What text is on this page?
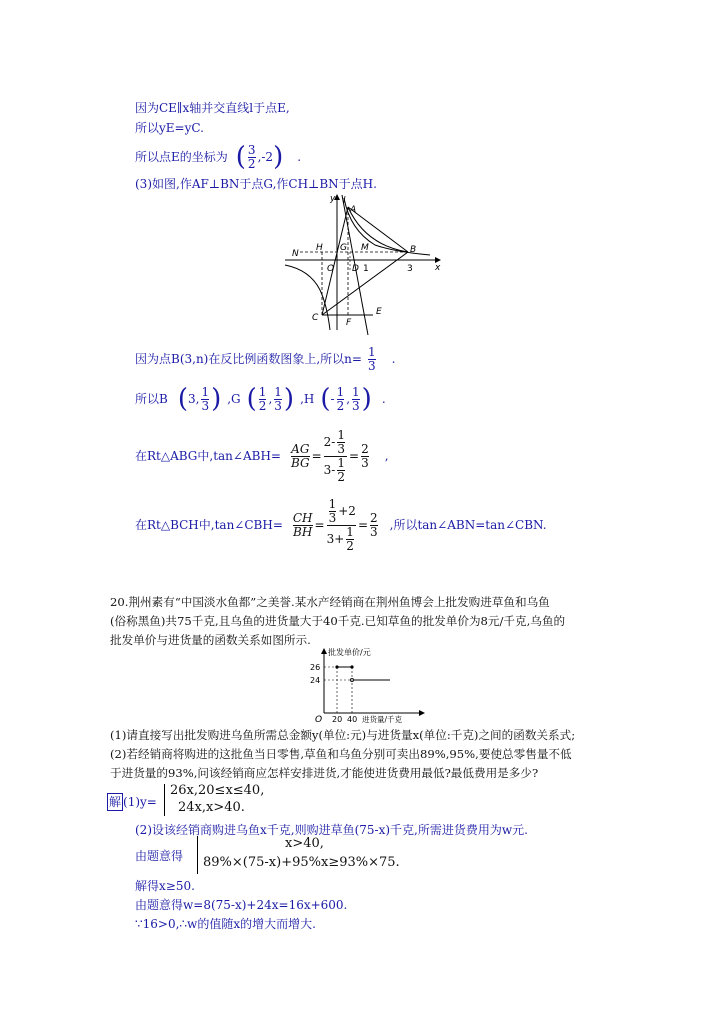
因为CE∥x轴并交直线l于点E,
所以yE=yC.
所以点E的坐标为 ( $\frac{3}{2} ,-2$ ) .
(3)如图,作AF⊥BN于点G,作CH⊥BN于点H.
y l
A
N
H G M	B
O D 1	3 x
C	F
E
因为点B(3,n)在反比例函数图象上,所以$n= \frac{1}{3}$ .
所以B ( 3, $\frac{1}{3}$ ) ,G ( $\frac{1}{2}$ , $\frac{1}{3}$ ) ,H ( - $\frac{1}{2}$ , $\frac{1}{3}$ ) .
在Rt△ABG中,tan∠ABH= $\frac{AG}{BG} = \frac{2- \frac{1}{3}}{3- \frac{1}{2}} = \frac{2}{3}$ ,
在Rt△BCH中,tan∠CBH= $\frac{CH}{BH} = \frac{\frac{1}{3} +2}{3+ \frac{1}{2}} = \frac{2}{3}$ ,所以tan∠ABN=tan∠CBN.
20.荆州素有“中国淡水鱼都”之美誉.某水产经销商在荆州鱼博会上批发购进草鱼和乌鱼
(俗称黑鱼)共75千克,且乌鱼的进货量大于40千克.已知草鱼的批发单价为8元/千克,乌鱼的
批发单价与进货量的函数关系如图所示.
批发单价/元
26
24
O 20 40 进货量/千克
(1)请直接写出批发购进乌鱼所需总金额y(单位:元)与进货量x(单位:千克)之间的函数关系式;
(2)若经销商将购进的这批鱼当日零售,草鱼和乌鱼分别可卖出89%,95%,要使总零售量不低
于进货量的93%,问该经销商应怎样安排进货,才能使进货费用最低?最低费用是多少?
解 (1)y=
26x,20≤x≤40,
24x,x>40.
(2)设该经销商购进乌鱼x千克,则购进草鱼(75-x)千克,所需进货费用为w元.
由题意得
x>40,
89%×(75-x)+95%x≥93%×75.
解得x≥50.
由题意得w=8(75-x)+24x=16x+600.
∵16>0,∴w的值随x的增大而增大.
